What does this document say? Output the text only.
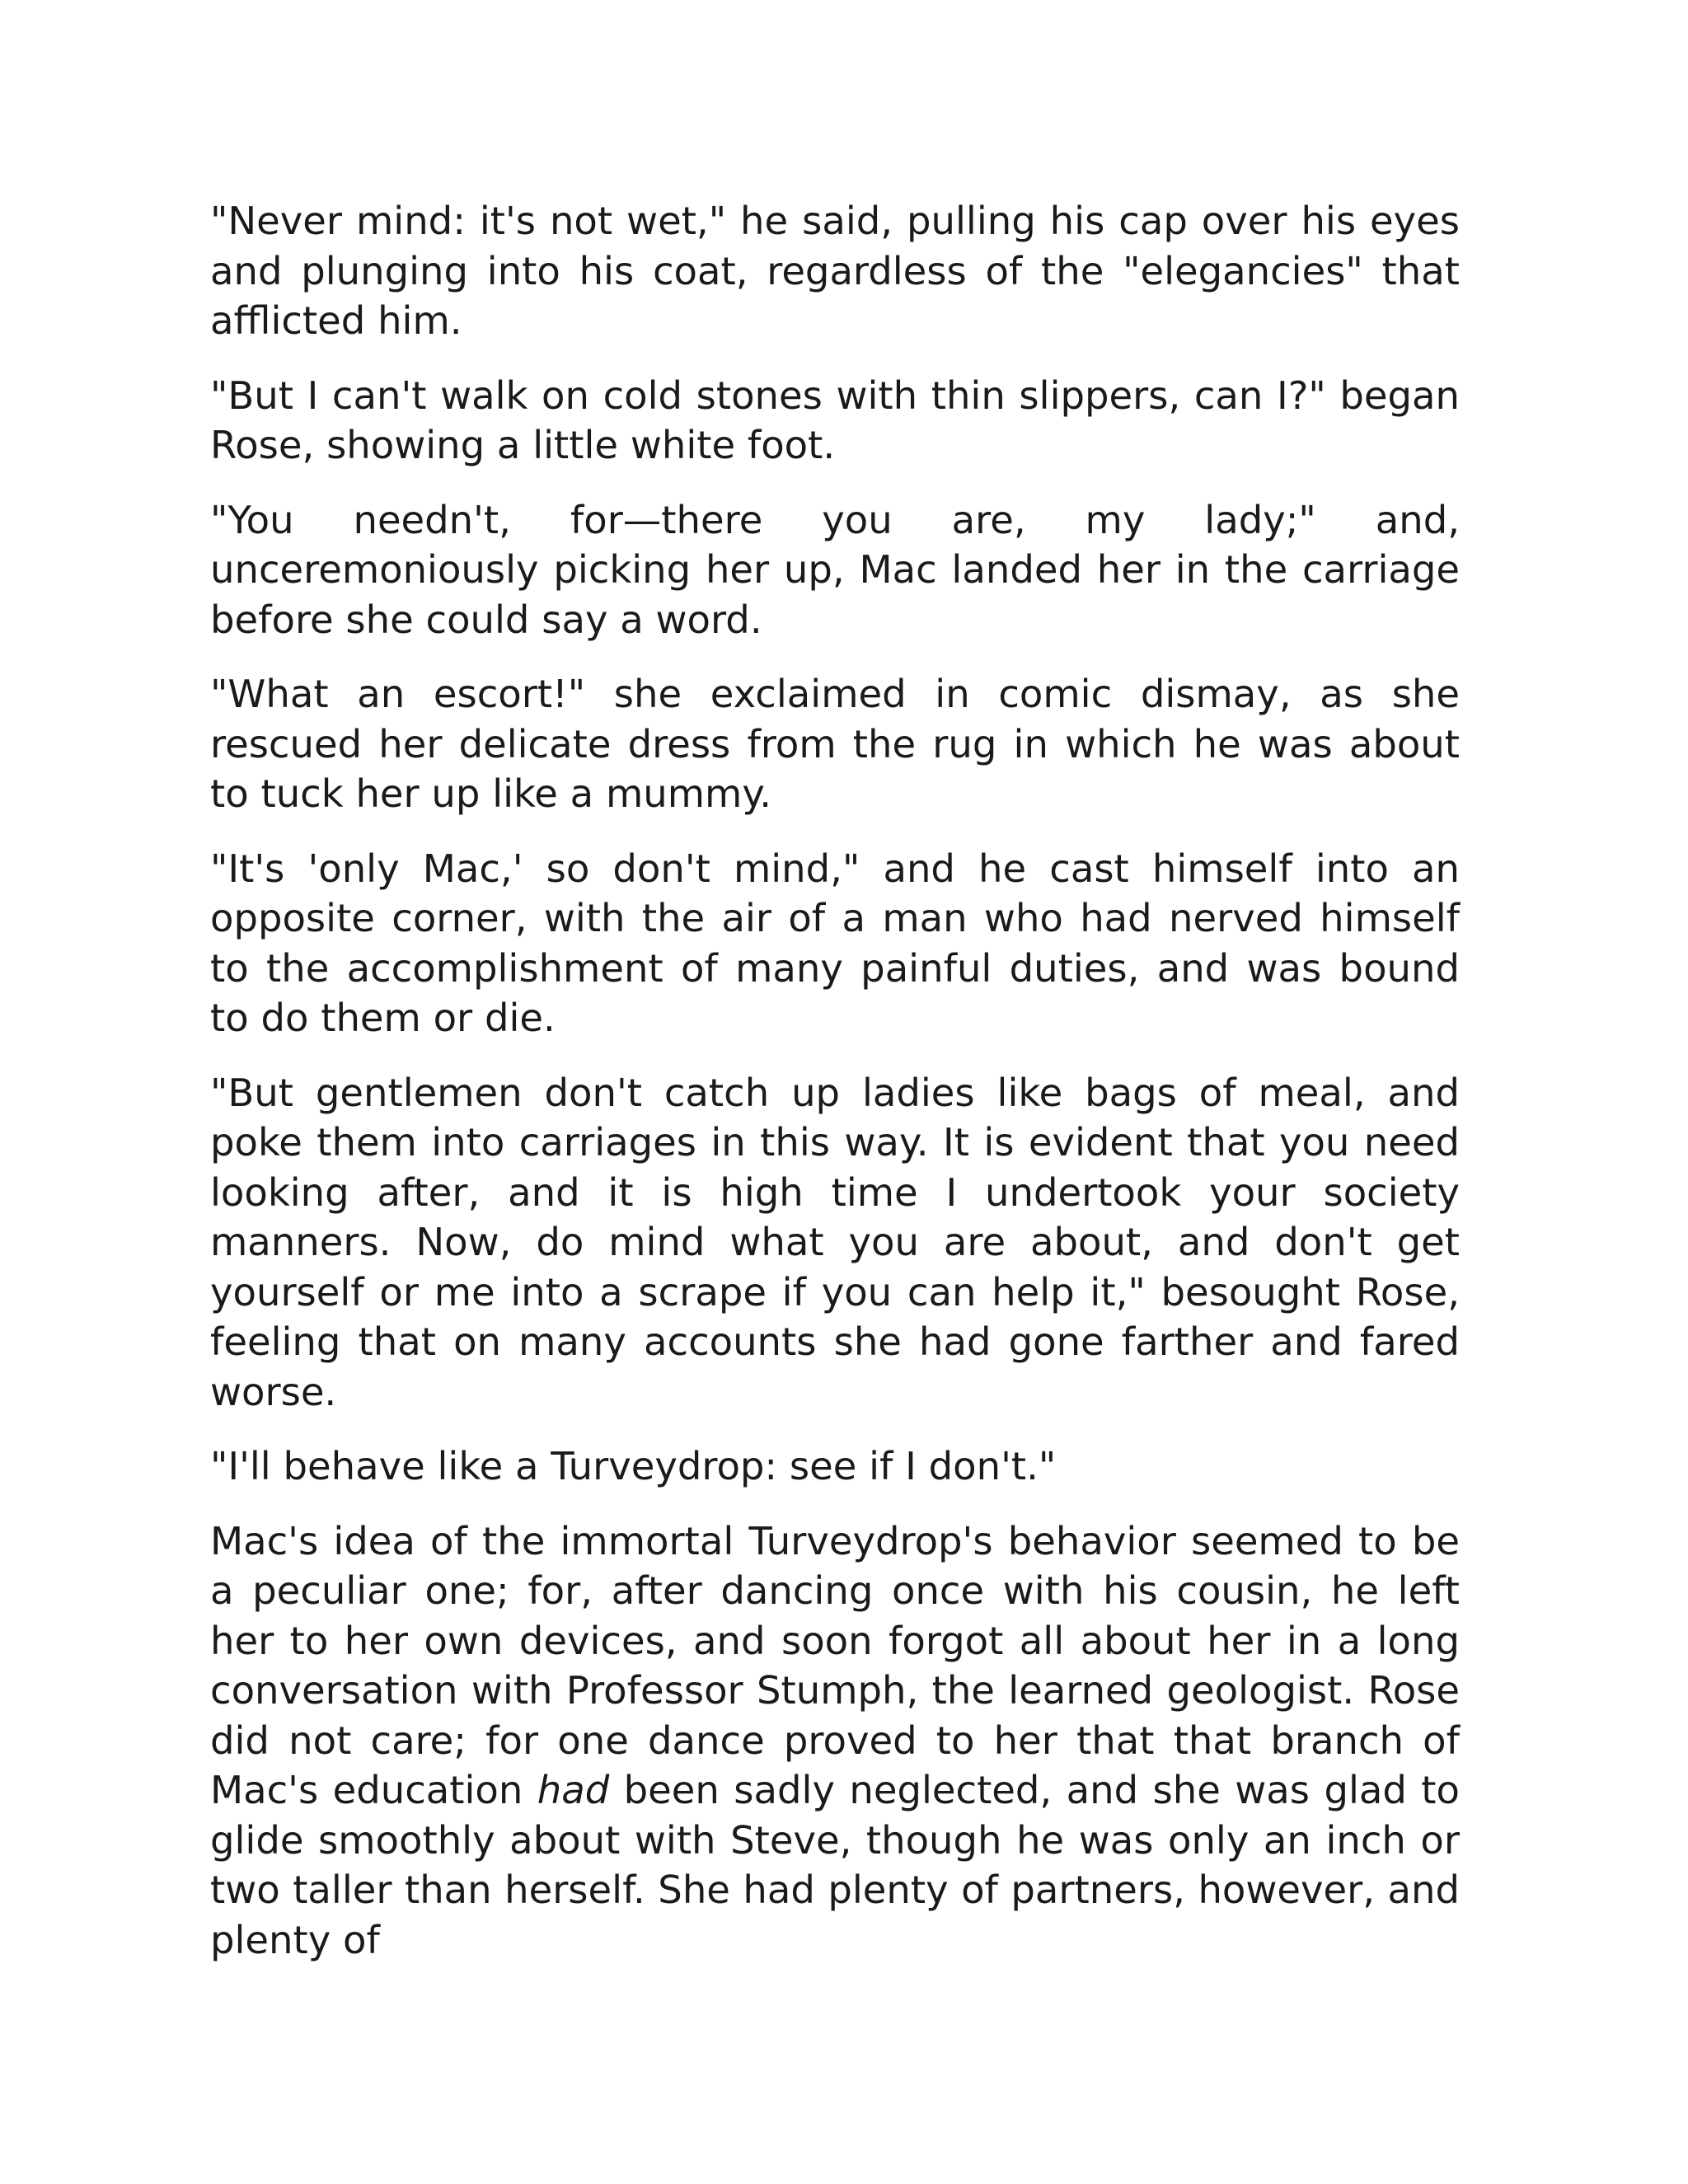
"Never mind: it's not wet," he said, pulling his cap over his eyes and plunging into his coat, regardless of the "elegancies" that afflicted him.

"But I can't walk on cold stones with thin slippers, can I?" began Rose, showing a little white foot.

"You needn't, for—there you are, my lady;" and, unceremoniously picking her up, Mac landed her in the carriage before she could say a word.

"What an escort!" she exclaimed in comic dismay, as she rescued her delicate dress from the rug in which he was about to tuck her up like a mummy.

"It's 'only Mac,' so don't mind," and he cast himself into an opposite corner, with the air of a man who had nerved himself to the accomplishment of many painful duties, and was bound to do them or die.

"But gentlemen don't catch up ladies like bags of meal, and poke them into carriages in this way. It is evident that you need looking after, and it is high time I undertook your society manners. Now, do mind what you are about, and don't get yourself or me into a scrape if you can help it," besought Rose, feeling that on many accounts she had gone farther and fared worse.

"I'll behave like a Turveydrop: see if I don't."

Mac's idea of the immortal Turveydrop's behavior seemed to be a peculiar one; for, after dancing once with his cousin, he left her to her own devices, and soon forgot all about her in a long conversation with Professor Stumph, the learned geologist. Rose did not care; for one dance proved to her that that branch of Mac's education had been sadly neglected, and she was glad to glide smoothly about with Steve, though he was only an inch or two taller than herself. She had plenty of partners, however, and plenty of
